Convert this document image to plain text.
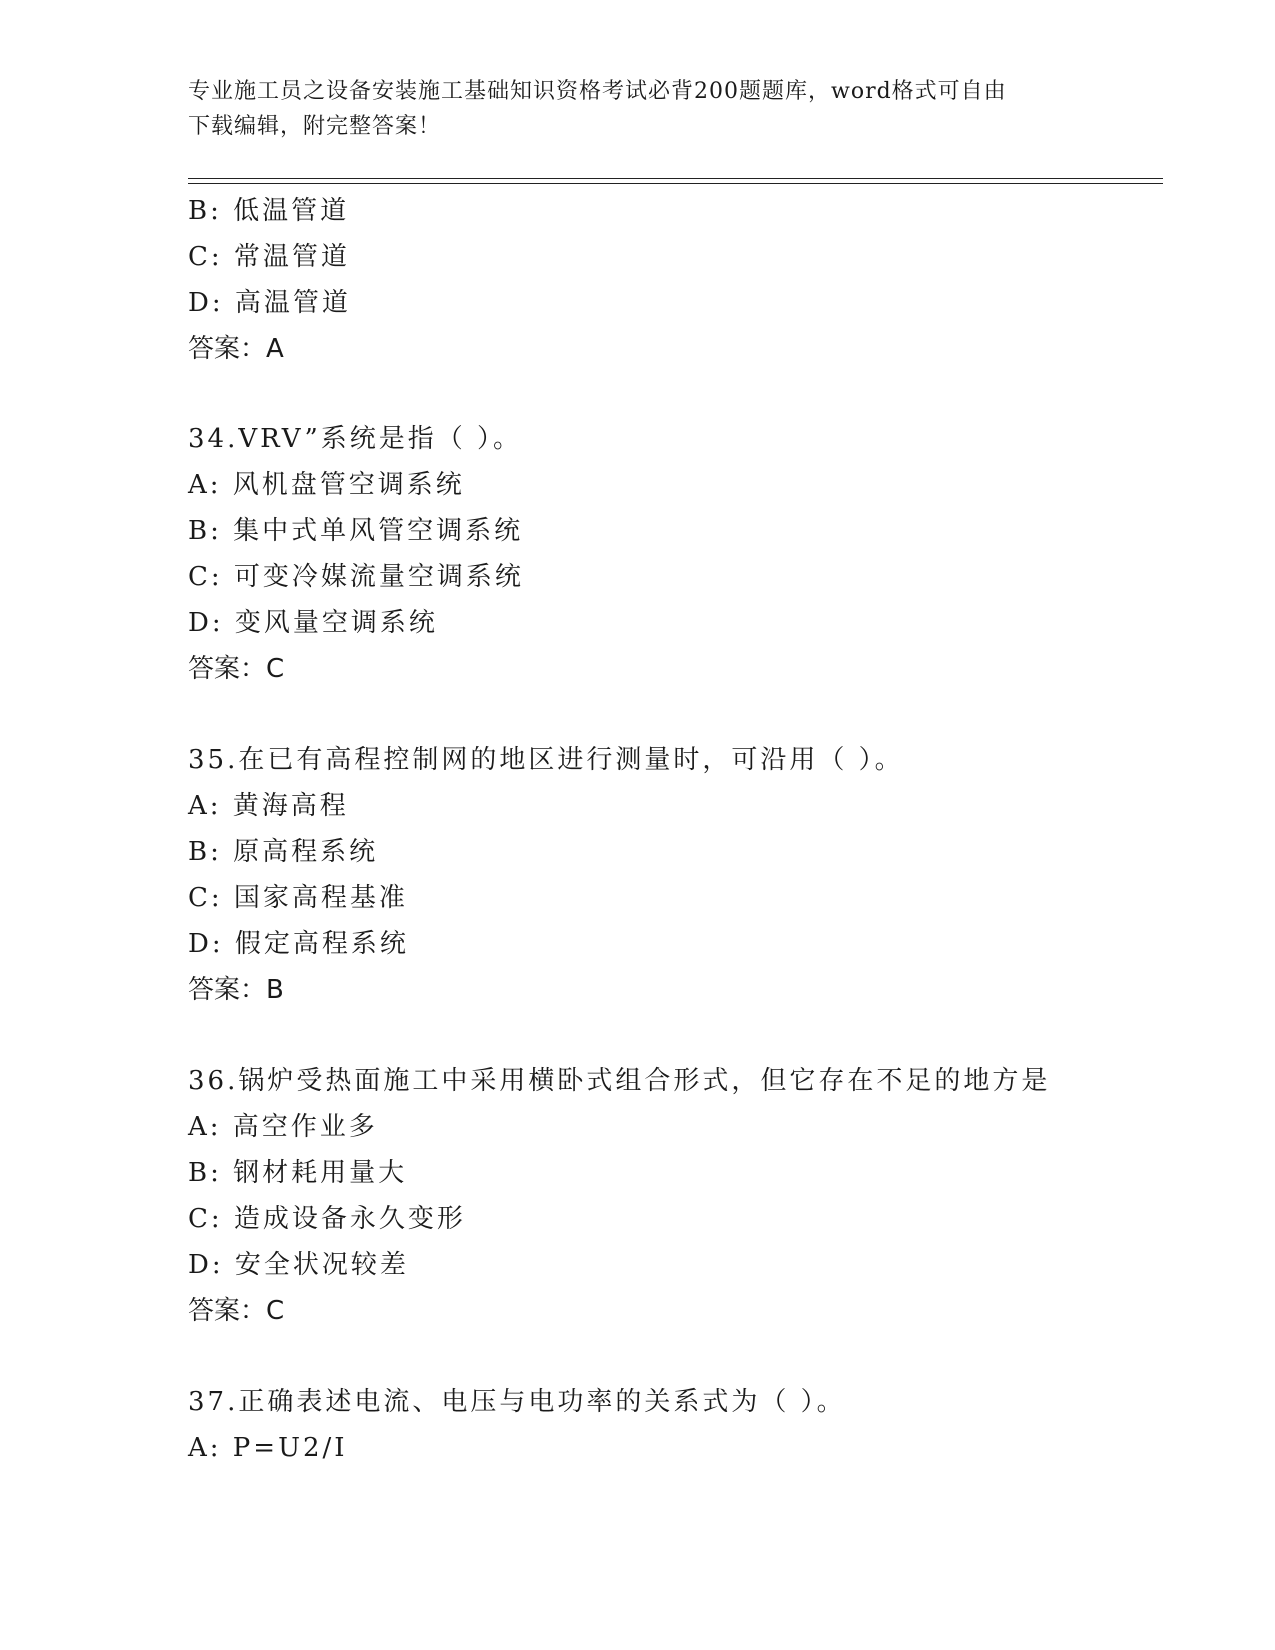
专业施工员之设备安装施工基础知识资格考试必背200题题库，word格式可自由
下载编辑，附完整答案！
B: 低温管道
C: 常温管道
D: 高温管道
答案：A
34.VRV”系统是指（ ）。
A: 风机盘管空调系统
B: 集中式单风管空调系统
C: 可变冷媒流量空调系统
D: 变风量空调系统
答案：C
35.在已有高程控制网的地区进行测量时，可沿用（ ）。
A: 黄海高程
B: 原高程系统
C: 国家高程基准
D: 假定高程系统
答案：B
36.锅炉受热面施工中采用横卧式组合形式，但它存在不足的地方是
A: 高空作业多
B: 钢材耗用量大
C: 造成设备永久变形
D: 安全状况较差
答案：C
37.正确表述电流、电压与电功率的关系式为（ ）。
A: P=U2/I
